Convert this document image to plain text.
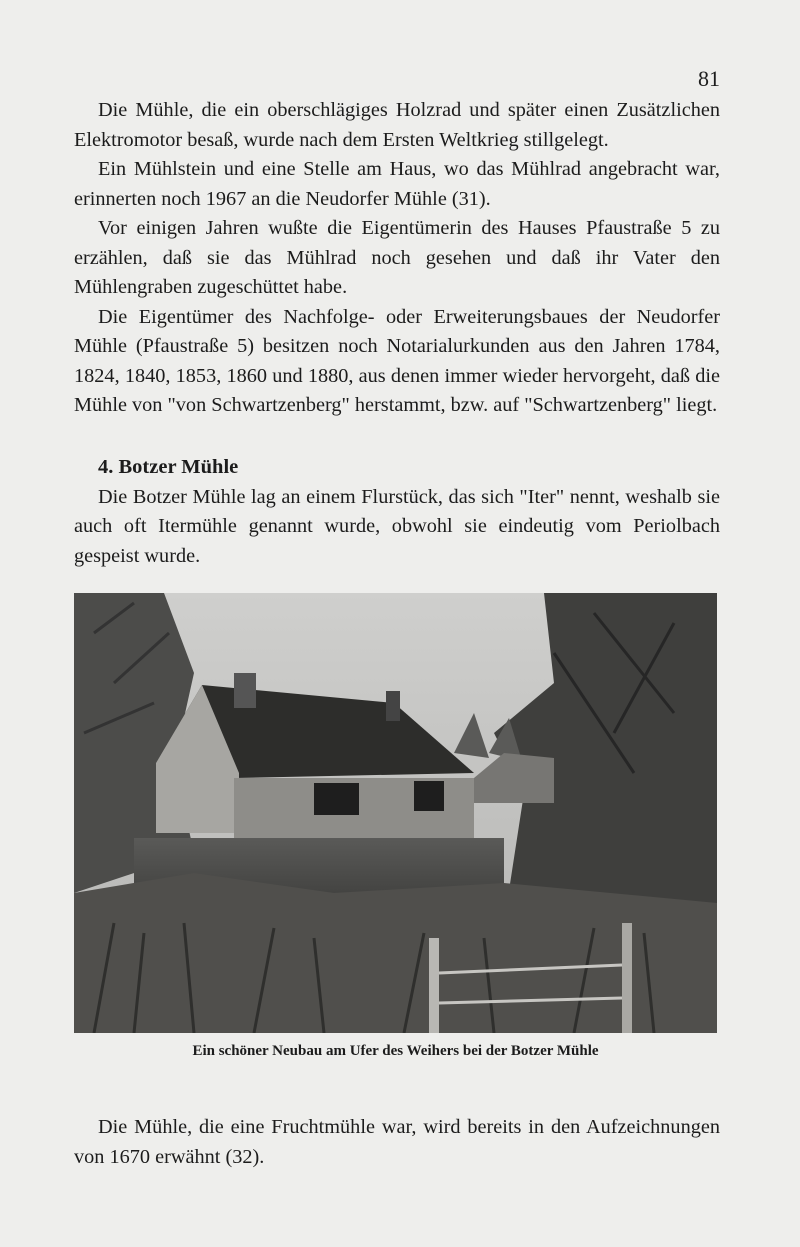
81

Die Mühle, die ein oberschlägiges Holzrad und später einen Zusätzlichen Elektromotor besaß, wurde nach dem Ersten Weltkrieg stillgelegt.

Ein Mühlstein und eine Stelle am Haus, wo das Mühlrad angebracht war, erinnerten noch 1967 an die Neudorfer Mühle (31).

Vor einigen Jahren wußte die Eigentümerin des Hauses Pfaustraße 5 zu erzählen, daß sie das Mühlrad noch gesehen und daß ihr Vater den Mühlengraben zugeschüttet habe.

Die Eigentümer des Nachfolge- oder Erweiterungsbaues der Neudorfer Mühle (Pfaustraße 5) besitzen noch Notarialurkunden aus den Jahren 1784, 1824, 1840, 1853, 1860 und 1880, aus denen immer wieder hervorgeht, daß die Mühle von "von Schwartzenberg" herstammt, bzw. auf "Schwartzenberg" liegt.

4. Botzer Mühle

Die Botzer Mühle lag an einem Flurstück, das sich "Iter" nennt, weshalb sie auch oft Itermühle genannt wurde, obwohl sie eindeutig vom Periolbach gespeist wurde.

Ein schöner Neubau am Ufer des Weihers bei der Botzer Mühle

Die Mühle, die eine Fruchtmühle war, wird bereits in den Aufzeichnungen von 1670 erwähnt (32).
